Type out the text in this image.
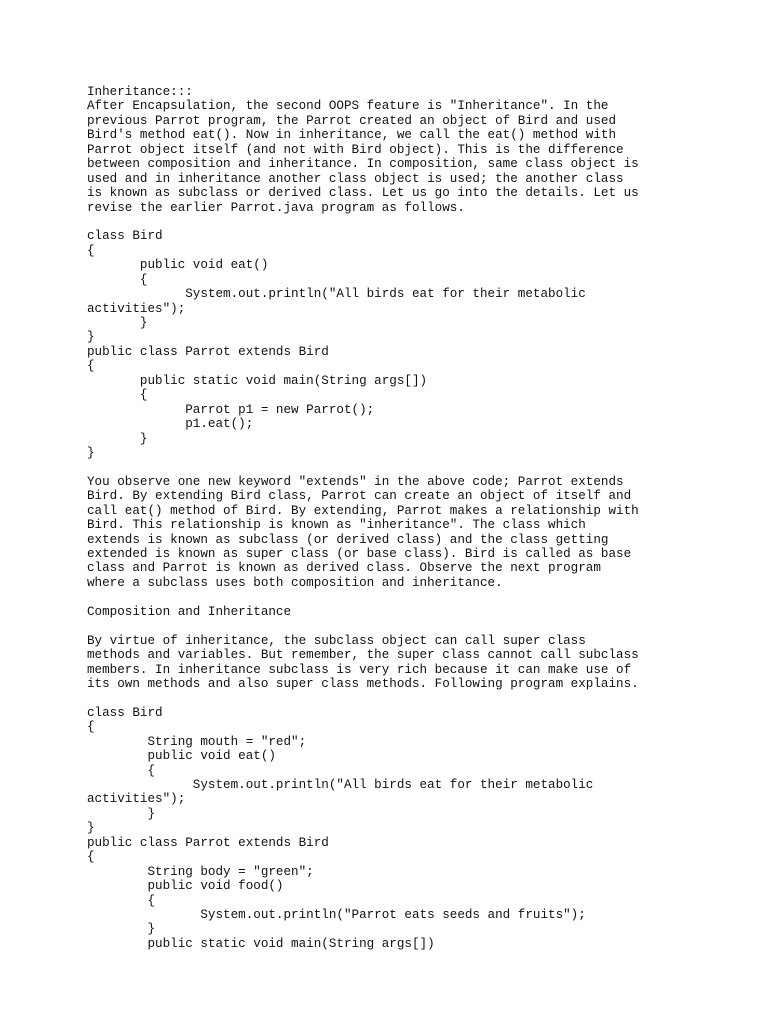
Inheritance:::
After Encapsulation, the second OOPS feature is "Inheritance". In the
previous Parrot program, the Parrot created an object of Bird and used
Bird's method eat(). Now in inheritance, we call the eat() method with
Parrot object itself (and not with Bird object). This is the difference
between composition and inheritance. In composition, same class object is
used and in inheritance another class object is used; the another class
is known as subclass or derived class. Let us go into the details. Let us
revise the earlier Parrot.java program as follows.
class Bird
{
public void eat()
{
System.out.println("All birds eat for their metabolic
activities");
}
}
public class Parrot extends Bird
{
public static void main(String args[])
{
Parrot p1 = new Parrot();
p1.eat();
}
}
You observe one new keyword "extends" in the above code; Parrot extends
Bird. By extending Bird class, Parrot can create an object of itself and
call eat() method of Bird. By extending, Parrot makes a relationship with
Bird. This relationship is known as "inheritance". The class which
extends is known as subclass (or derived class) and the class getting
extended is known as super class (or base class). Bird is called as base
class and Parrot is known as derived class. Observe the next program
where a subclass uses both composition and inheritance.
Composition and Inheritance
By virtue of inheritance, the subclass object can call super class
methods and variables. But remember, the super class cannot call subclass
members. In inheritance subclass is very rich because it can make use of
its own methods and also super class methods. Following program explains.
class Bird
{
String mouth = "red";
public void eat()
{
System.out.println("All birds eat for their metabolic
activities");
}
}
public class Parrot extends Bird
{
String body = "green";
public void food()
{
System.out.println("Parrot eats seeds and fruits");
}
public static void main(String args[])
